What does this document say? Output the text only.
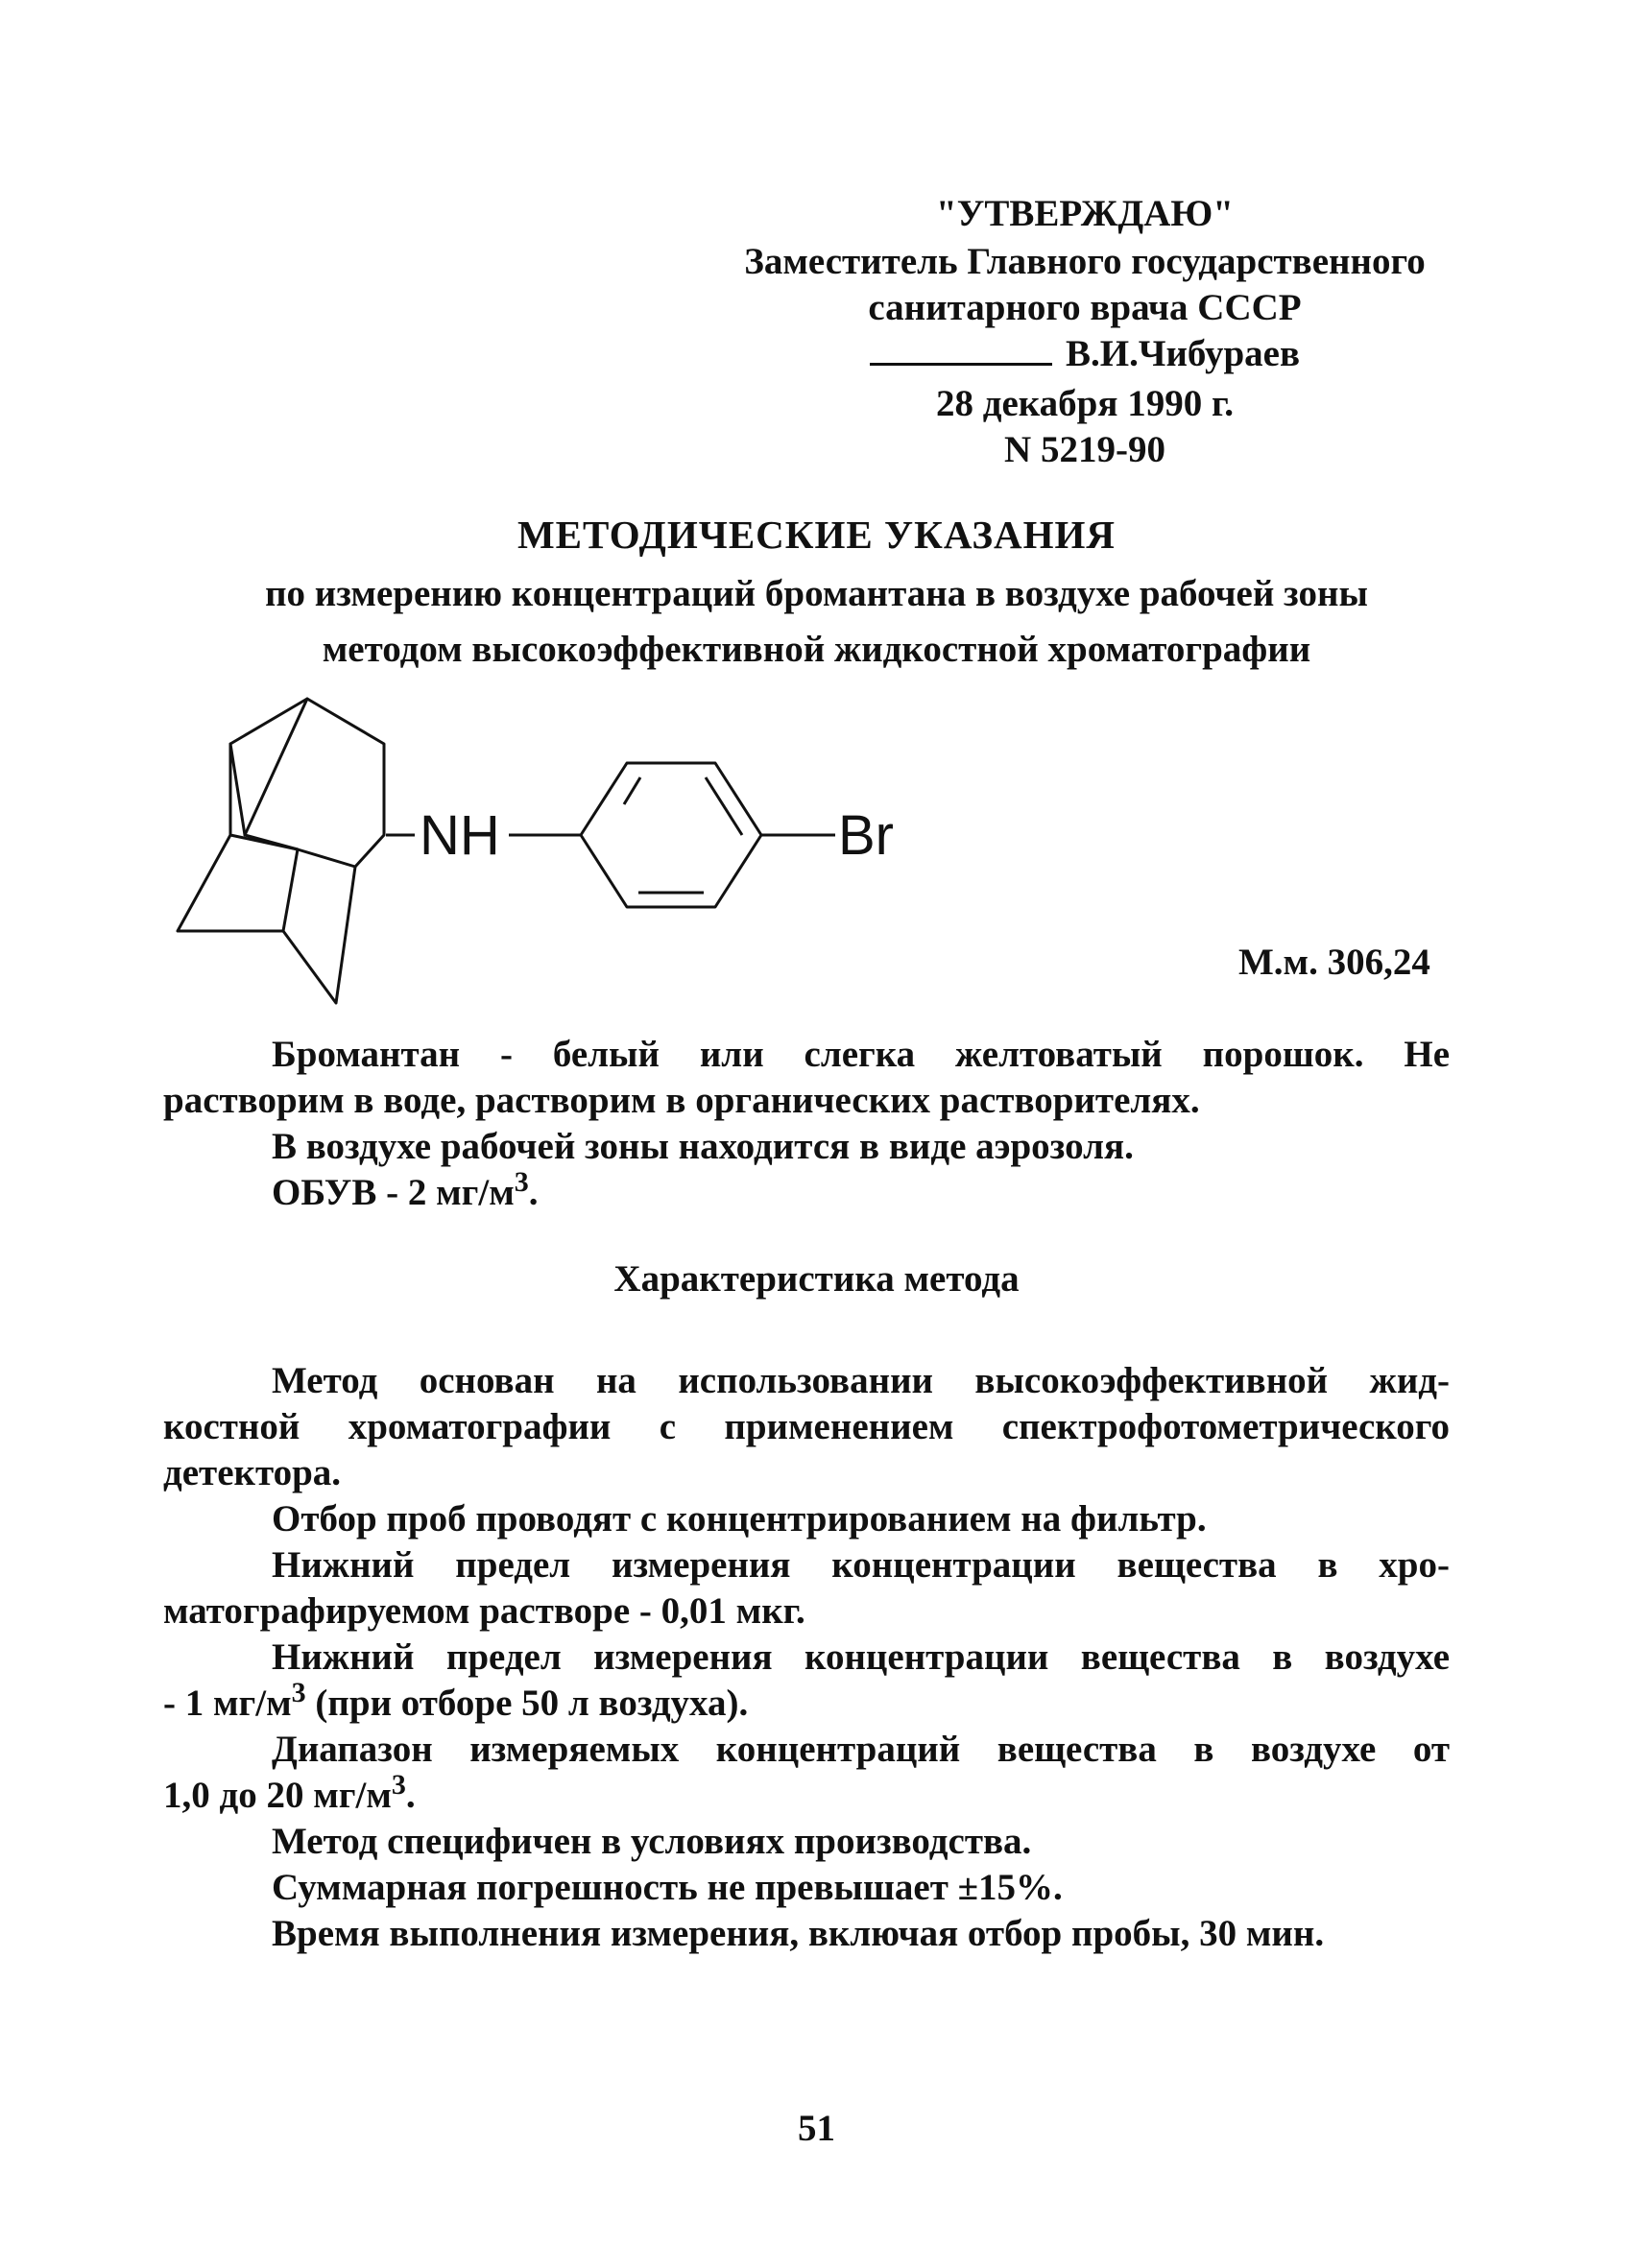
"УТВЕРЖДАЮ"
Заместитель Главного государственного
санитарного врача СССР
В.И.Чибураев
28 декабря 1990 г.
N 5219-90
МЕТОДИЧЕСКИЕ УКАЗАНИЯ
по измерению концентраций бромантана в воздухе рабочей зоны
методом высокоэффективной жидкостной хроматографии
NH	Br
М.м. 306,24
Бромантан - белый или слегка желтоватый порошок. Не
растворим в воде, растворим в органических растворителях.
В воздухе рабочей зоны находится в виде аэрозоля.
ОБУВ - 2 $мг/м^3$.
Характеристика метода
Метод основан на использовании высокоэффективной жид-
костной хроматографии с применением спектрофотометрического
детектора.
Отбор проб проводят с концентрированием на фильтр.
Нижний предел измерения концентрации вещества в хро-
матографируемом растворе - 0,01 мкг.
Нижний предел измерения концентрации вещества в воздухе
- 1 $мг/м^3$ (при отборе 50 л воздуха).
Диапазон измеряемых концентраций вещества в воздухе от
1,0 до 20 $мг/м^3$.
Метод специфичен в условиях производства.
Суммарная погрешность не превышает ±15%.
Время выполнения измерения, включая отбор пробы, 30 мин.
51
